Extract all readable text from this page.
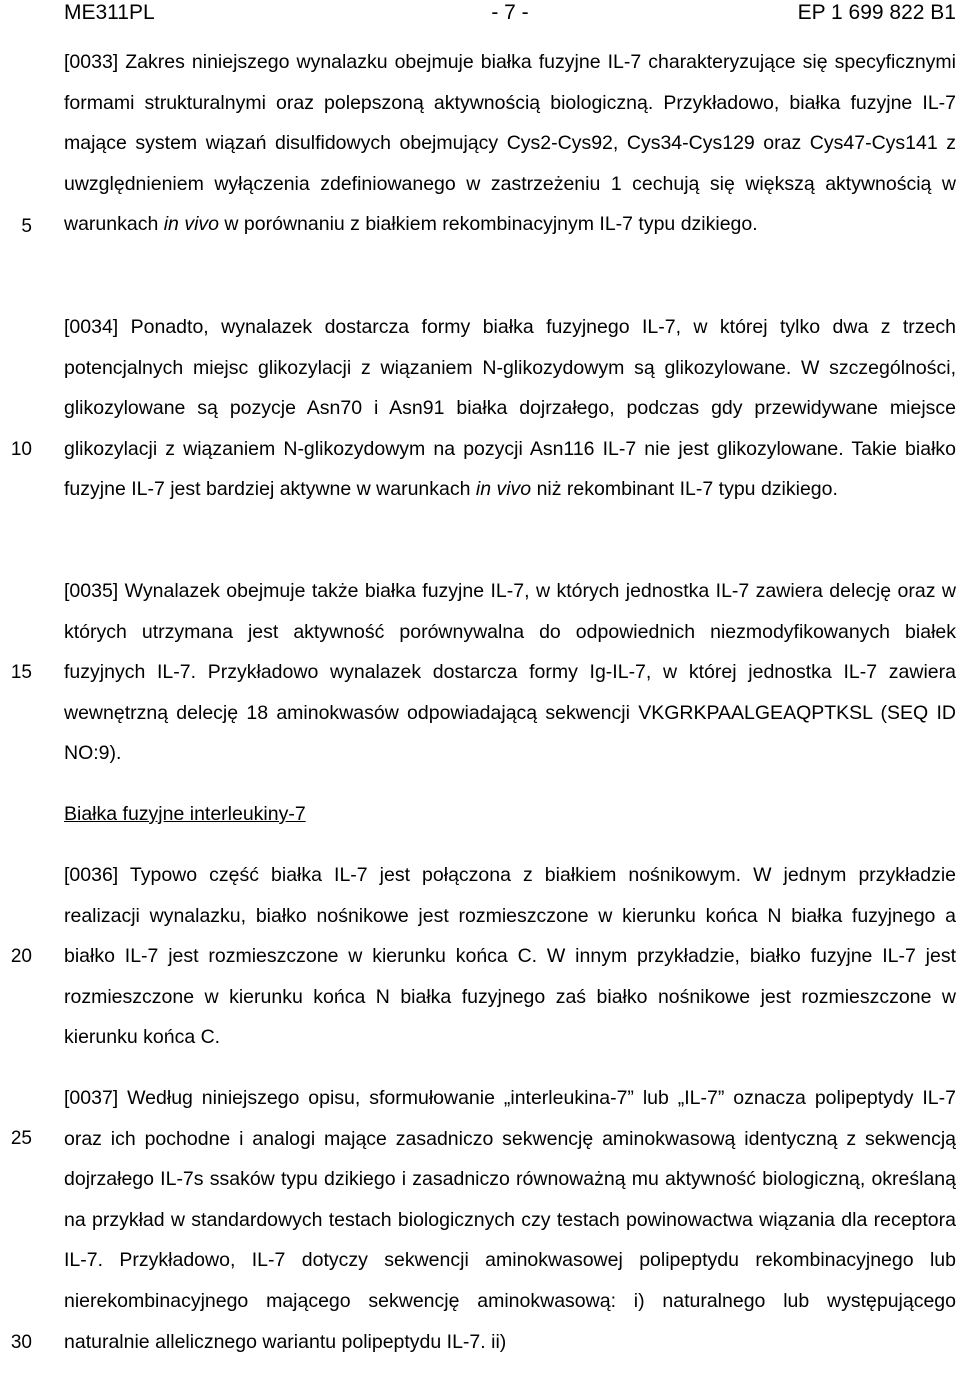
ME311PL	- 7 -	EP 1 699 822 B1
5
10
15
20
25
30

[0033] Zakres niniejszego wynalazku obejmuje białka fuzyjne IL-7 charakteryzujące się specyficznymi formami strukturalnymi oraz polepszoną aktywnością biologiczną. Przykładowo, białka fuzyjne IL-7 mające system wiązań disulfidowych obejmujący Cys2-Cys92, Cys34-Cys129 oraz Cys47-Cys141 z uwzględnieniem wyłączenia zdefiniowanego w zastrzeżeniu 1 cechują się większą aktywnością w warunkach in vivo w porównaniu z białkiem rekombinacyjnym IL-7 typu dzikiego.

[0034] Ponadto, wynalazek dostarcza formy białka fuzyjnego IL-7, w której tylko dwa z trzech potencjalnych miejsc glikozylacji z wiązaniem N-glikozydowym są glikozylowane. W szczególności, glikozylowane są pozycje Asn70 i Asn91 białka dojrzałego, podczas gdy przewidywane miejsce glikozylacji z wiązaniem N-glikozydowym na pozycji Asn116 IL-7 nie jest glikozylowane. Takie białko fuzyjne IL-7 jest bardziej aktywne w warunkach in vivo niż rekombinant IL-7 typu dzikiego.

[0035] Wynalazek obejmuje także białka fuzyjne IL-7, w których jednostka IL-7 zawiera delecję oraz w których utrzymana jest aktywność porównywalna do odpowiednich niezmodyfikowanych białek fuzyjnych IL-7. Przykładowo wynalazek dostarcza formy Ig-IL-7, w której jednostka IL-7 zawiera wewnętrzną delecję 18 aminokwasów odpowiadającą sekwencji VKGRKPAALGEAQPTKSL (SEQ ID NO:9).

Białka fuzyjne interleukiny-7

[0036] Typowo część białka IL-7 jest połączona z białkiem nośnikowym. W jednym przykładzie realizacji wynalazku, białko nośnikowe jest rozmieszczone w kierunku końca N białka fuzyjnego a białko IL-7 jest rozmieszczone w kierunku końca C. W innym przykładzie, białko fuzyjne IL-7 jest rozmieszczone w kierunku końca N białka fuzyjnego zaś białko nośnikowe jest rozmieszczone w kierunku końca C.

[0037] Według niniejszego opisu, sformułowanie „interleukina-7” lub „IL-7” oznacza polipeptydy IL-7 oraz ich pochodne i analogi mające zasadniczo sekwencję aminokwasową identyczną z sekwencją dojrzałego IL-7s ssaków typu dzikiego i zasadniczo równoważną mu aktywność biologiczną, określaną na przykład w standardowych testach biologicznych czy testach powinowactwa wiązania dla receptora IL-7. Przykładowo, IL-7 dotyczy sekwencji aminokwasowej polipeptydu rekombinacyjnego lub nierekombinacyjnego mającego sekwencję aminokwasową: i) naturalnego lub występującego naturalnie allelicznego wariantu polipeptydu IL-7. ii)
